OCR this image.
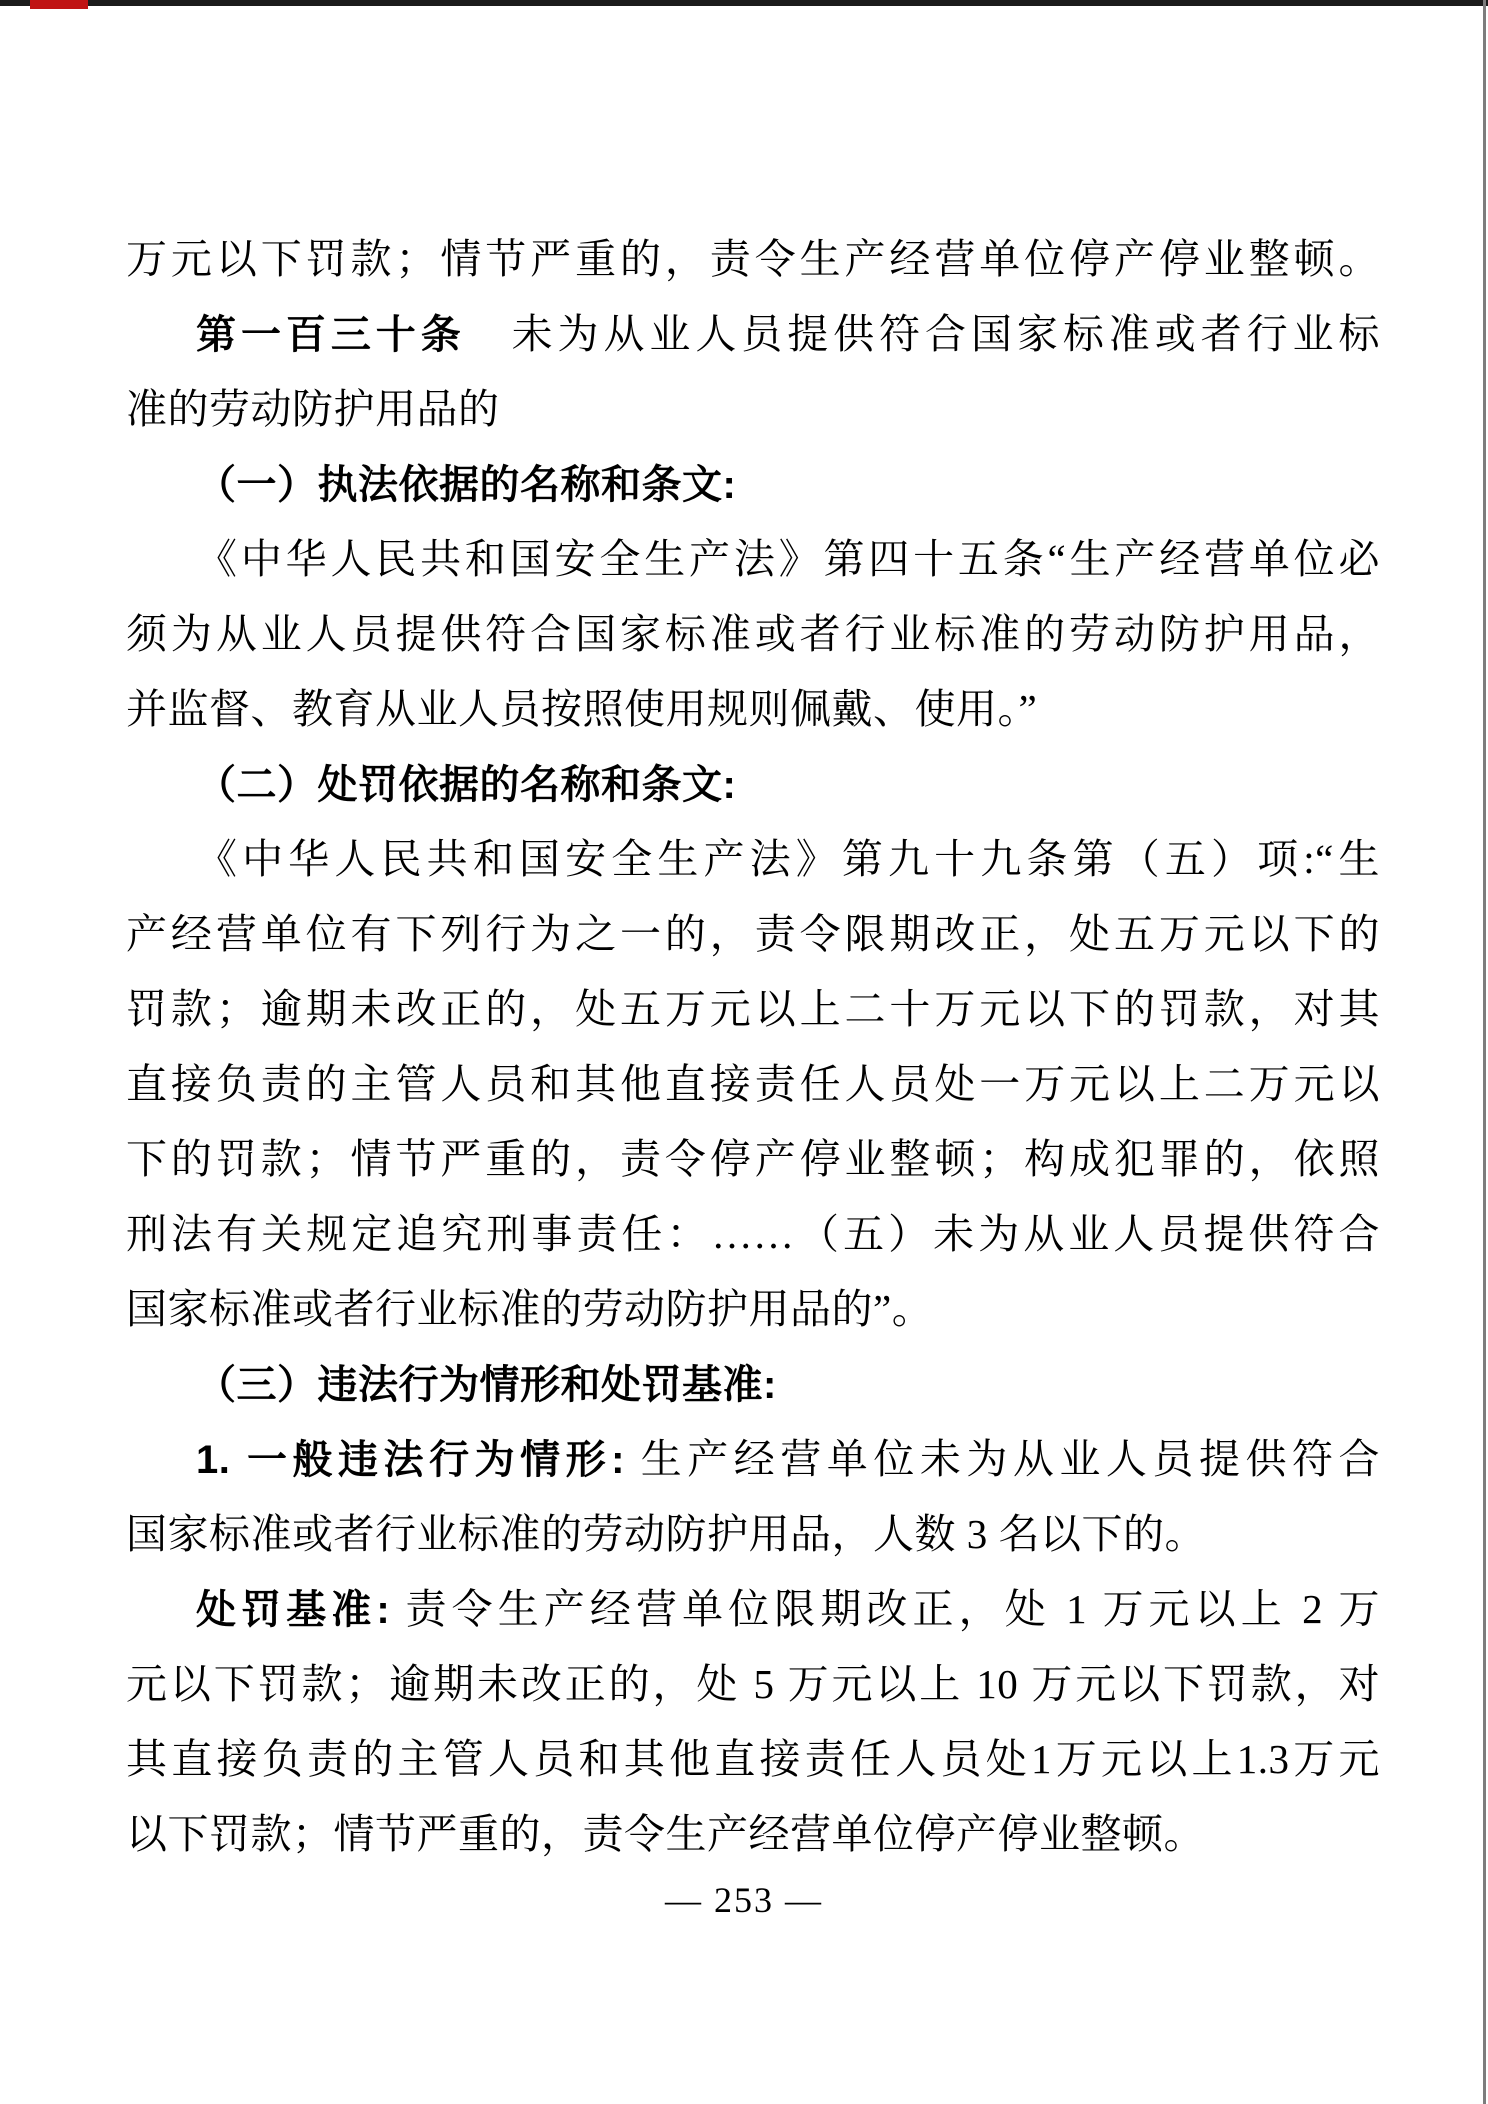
万元以下罚款；情节严重的，责令生产经营单位停产停业整顿。
第一百三十条　未为从业人员提供符合国家标准或者行业标
准的劳动防护用品的
（一）执法依据的名称和条文:
《中华人民共和国安全生产法》第四十五条“生产经营单位必
须为从业人员提供符合国家标准或者行业标准的劳动防护用品，
并监督、教育从业人员按照使用规则佩戴、使用。”
（二）处罚依据的名称和条文:
《中华人民共和国安全生产法》第九十九条第（五）项:“生
产经营单位有下列行为之一的，责令限期改正，处五万元以下的
罚款；逾期未改正的，处五万元以上二十万元以下的罚款，对其
直接负责的主管人员和其他直接责任人员处一万元以上二万元以
下的罚款；情节严重的，责令停产停业整顿；构成犯罪的，依照
刑法有关规定追究刑事责任：……（五）未为从业人员提供符合
国家标准或者行业标准的劳动防护用品的”。
（三）违法行为情形和处罚基准:
1. 一般违法行为情形: 生产经营单位未为从业人员提供符合
国家标准或者行业标准的劳动防护用品，人数 3 名以下的。
处罚基准: 责令生产经营单位限期改正，处 1 万元以上 2 万
元以下罚款；逾期未改正的，处 5 万元以上 10 万元以下罚款，对
其直接负责的主管人员和其他直接责任人员处1万元以上1.3万元
以下罚款；情节严重的，责令生产经营单位停产停业整顿。
— 253 —
